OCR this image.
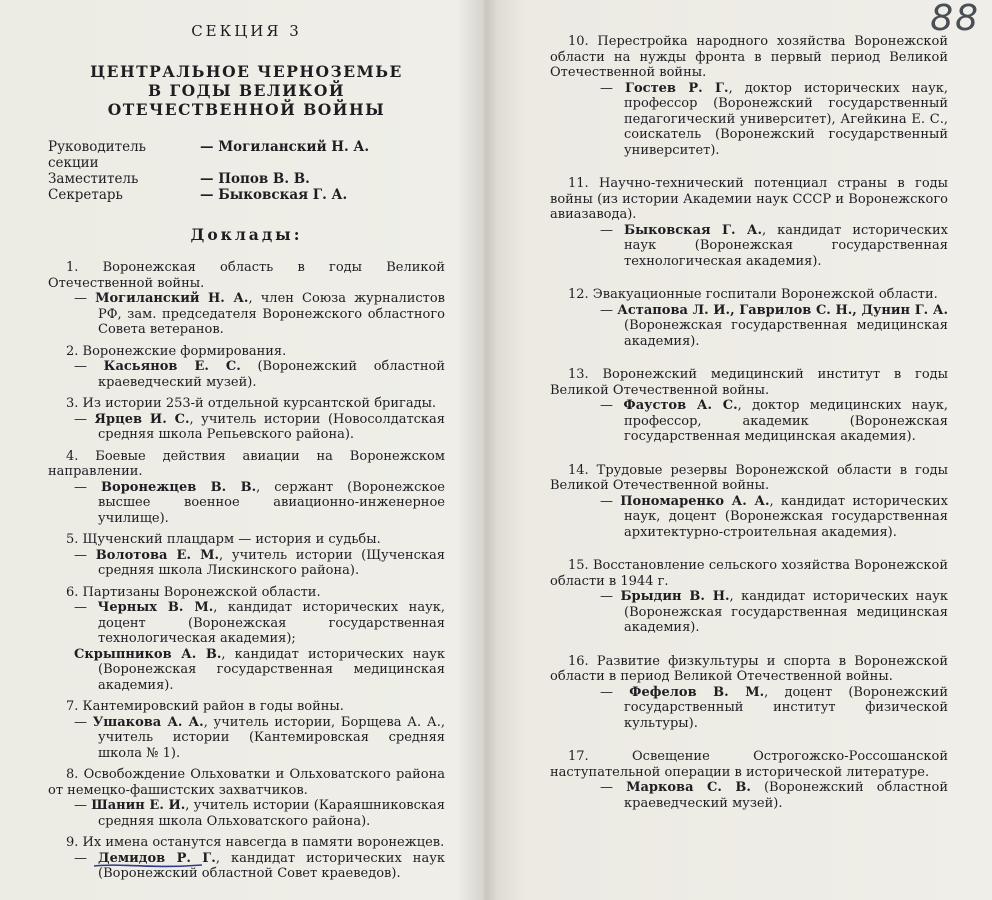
СЕКЦИЯ 3
ЦЕНТРАЛЬНОЕ ЧЕРНОЗЕМЬЕ
В ГОДЫ ВЕЛИКОЙ
ОТЕЧЕСТВЕННОЙ ВОЙНЫ
Руководитель секции
— Могиланский Н. А.
Заместитель	— Попов В. В.
Секретарь	— Быковская Г. А.
Доклады:
1. Воронежская область в годы Великой Отечественной войны.
— Могиланский Н. А., член Союза журналистов РФ, зам. председателя Воронежского областного Совета ветеранов.
2. Воронежские формирования.
— Касьянов Е. С. (Воронежский областной краеведческий музей).
3. Из истории 253-й отдельной курсантской бригады.
— Ярцев И. С., учитель истории (Новосолдатская средняя школа Репьевского района).
4. Боевые действия авиации на Воронежском направлении.
— Воронежцев В. В., сержант (Воронежское высшее военное авиационно-инженерное училище).
5. Щученский плацдарм — история и судьбы.
— Волотова Е. М., учитель истории (Щученская средняя школа Лискинского района).
6. Партизаны Воронежской области.
— Черных В. М., кандидат исторических наук, доцент (Воронежская государственная технологическая академия);
Скрыпников А. В., кандидат исторических наук (Воронежская государственная медицинская академия).
7. Кантемировский район в годы войны.
— Ушакова А. А., учитель истории, Борщева А. А., учитель истории (Кантемировская средняя школа № 1).
8. Освобождение Ольховатки и Ольховатского района от немецко-фашистских захватчиков.
— Шанин Е. И., учитель истории (Караяшниковская средняя школа Ольховатского района).
9. Их имена останутся навсегда в памяти воронежцев.
— Демидов Р. Г., кандидат исторических наук (Воронежский областной Совет краеведов).
10. Перестройка народного хозяйства Воронежской области на нужды фронта в первый период Великой Отечественной войны.
— Гостев Р. Г., доктор исторических наук, профессор (Воронежский государственный педагогический университет), Агейкина Е. С., соискатель (Воронежский государственный университет).
11. Научно-технический потенциал страны в годы войны (из истории Академии наук СССР и Воронежского авиазавода).
— Быковская Г. А., кандидат исторических наук (Воронежская государственная технологическая академия).
12. Эвакуационные госпитали Воронежской области.
— Астапова Л. И., Гаврилов С. Н., Дунин Г. А. (Воронежская государственная медицинская академия).
13. Воронежский медицинский институт в годы Великой Отечественной войны.
— Фаустов А. С., доктор медицинских наук, профессор, академик (Воронежская государственная медицинская академия).
14. Трудовые резервы Воронежской области в годы Великой Отечественной войны.
— Пономаренко А. А., кандидат исторических наук, доцент (Воронежская государственная архитектурно-строительная академия).
15. Восстановление сельского хозяйства Воронежской области в 1944 г.
— Брыдин В. Н., кандидат исторических наук (Воронежская государственная медицинская академия).
16. Развитие физкультуры и спорта в Воронежской области в период Великой Отечественной войны.
— Фефелов В. М., доцент (Воронежский государственный институт физической культуры).
17. Освещение Острогожско-Россошанской наступательной операции в исторической литературе.
— Маркова С. В. (Воронежский областной краеведческий музей).
88
